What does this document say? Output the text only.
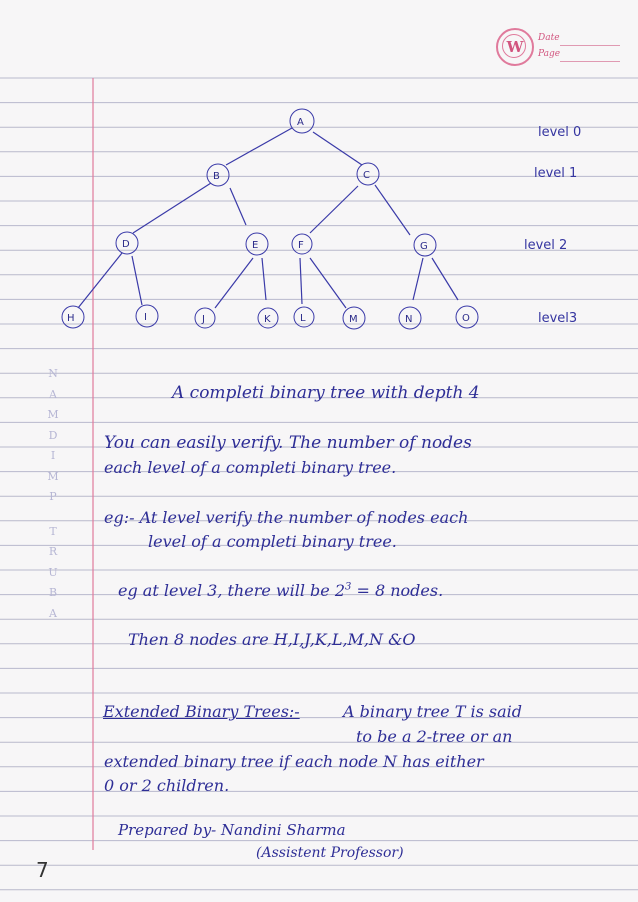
W	Date
Page
A
B	C
D	E	F	G
H	I	J	K	L	M	N	O
level 0
level 1
level 2
level3
N
A
M
D
I
M
P
T
R
U
B
A
A completi binary tree with depth 4
You can easily verify. The number of nodes
each level of a completi binary tree.
eg:- At level verify the number of nodes each
level of a completi binary tree.
eg at level 3, there will be $2^3 = 8$ nodes.
Then 8 nodes are H,I,J,K,L,M,N &O
Extended Binary Trees:-	A binary tree T is said
to be a 2-tree or an
extended binary tree if each node N has either
0 or 2 children.
Prepared by- Nandini Sharma
(Assistent Professor)
7
